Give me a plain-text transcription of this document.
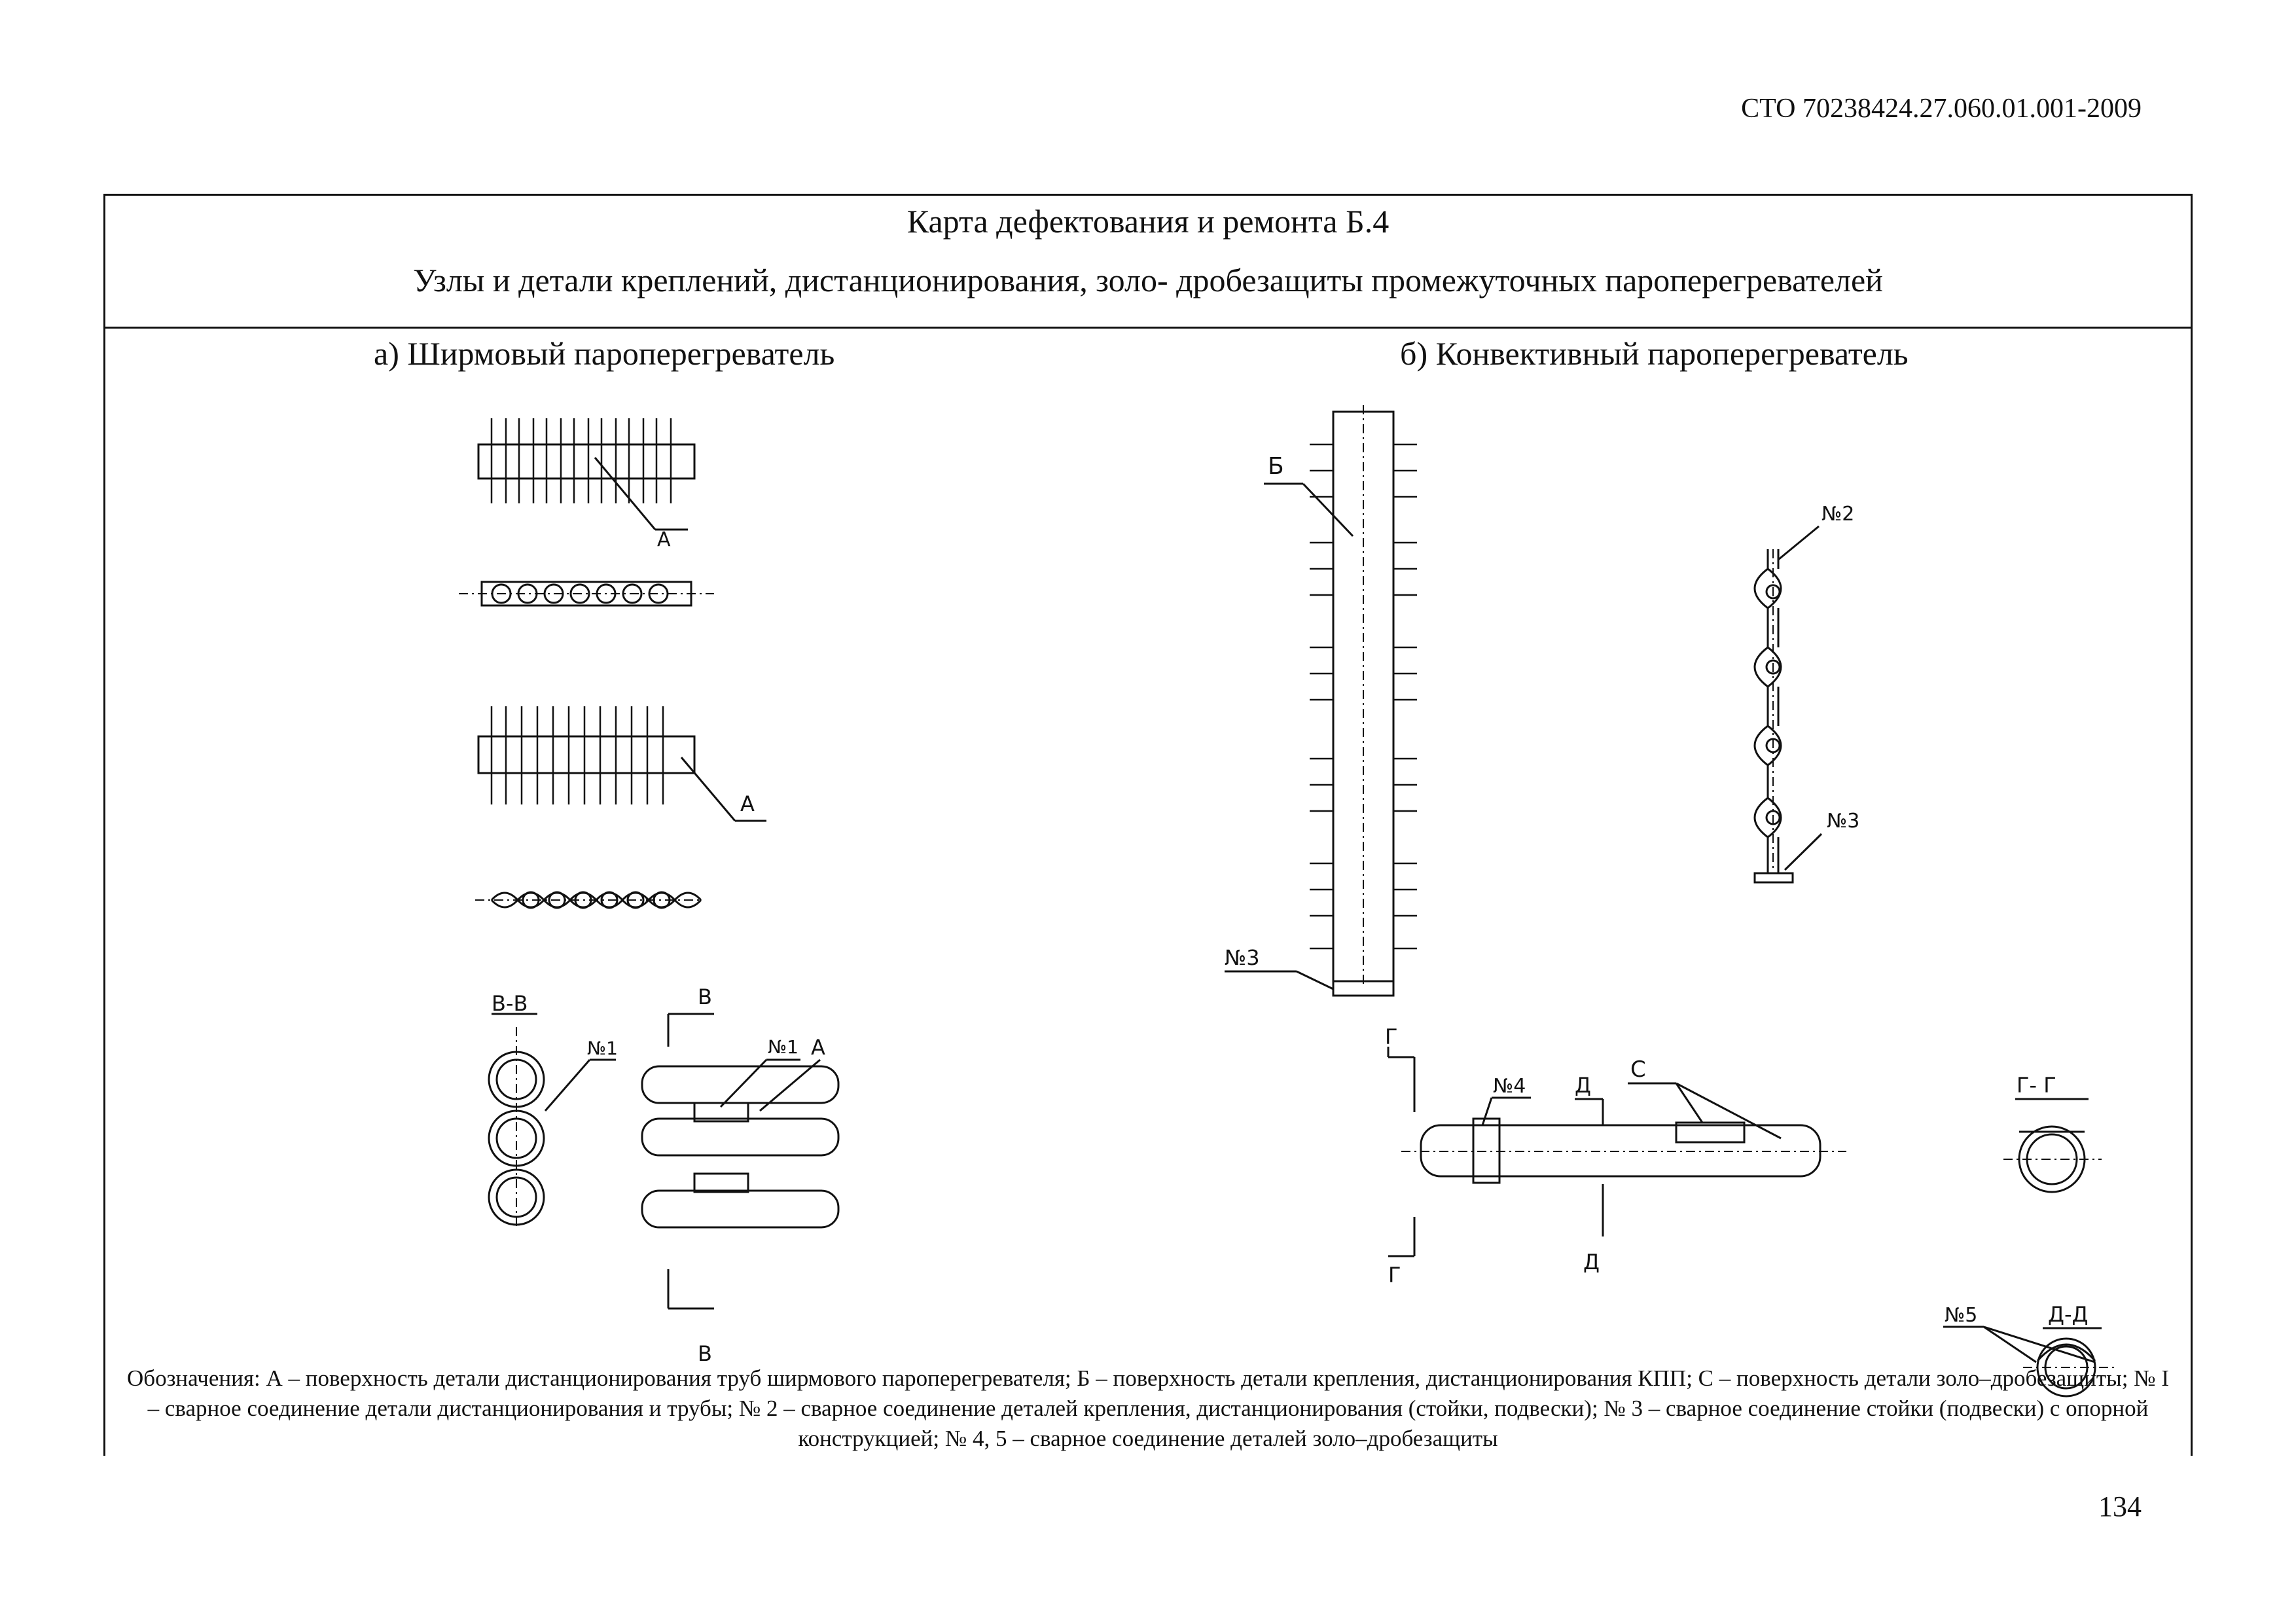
СТО 70238424.27.060.01.001-2009
Карта дефектования и ремонта Б.4
Узлы и детали креплений, дистанционирования, золо- дробезащиты промежуточных пароперегревателей
а) Ширмовый пароперегреватель	б) Конвективный пароперегреватель
А
А
В-В
№1
В
В
№1 А
Б
№3
№2
№3
Г
Г
№4 Д
Д
С
Г- Г
Д-Д
№5
Обозначения: А – поверхность детали дистанционирования труб ширмового пароперегревателя; Б – поверхность детали крепления, дистанционирования КПП; С – поверхность детали золо–дробезащиты; № I – сварное соединение детали дистанционирования и трубы; № 2 – сварное соединение деталей крепления, дистанционирования (стойки, подвески); № 3 – сварное соединение стойки (подвески) с опорной конструкцией; № 4, 5 – сварное соединение деталей золо–дробезащиты
134
